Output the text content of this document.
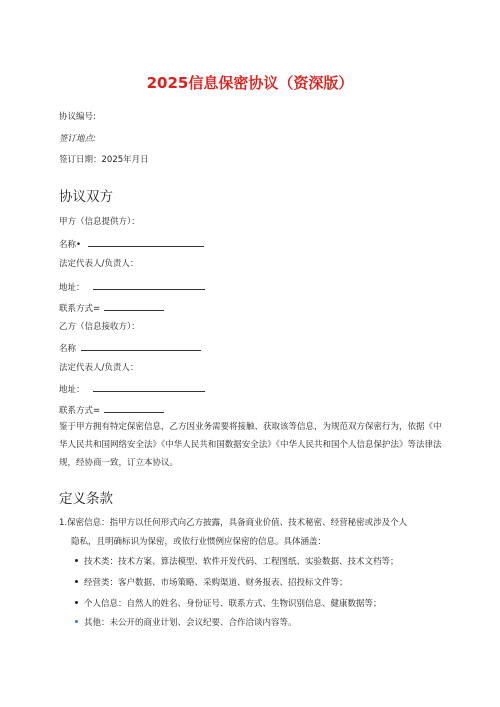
2025信息保密协议（资深版）
协议编号:
签订地点:
签订日期：2025年月日
协议双方
甲方（信息提供方）：
名称•
法定代表人/负责人：
地址：
联系方式=
乙方（信息接收方）：
名称
法定代表人/负责人：
地址：
联系方式=
鉴于甲方拥有特定保密信息，乙方因业务需要将接触、获取该等信息，为规范双方保密行为，依据《中华人民共和国网络安全法》《中华人民共和国数据安全法》《中华人民共和国个人信息保护法》等法律法规，经协商一致，订立本协议。
定义条款
1.保密信息：指甲方以任何形式向乙方披露，具备商业价值、技术秘密、经营秘密或涉及个人
隐私，且明确标识为保密，或依行业惯例应保密的信息。具体涵盖：
技术类：技术方案、算法模型、软件开发代码、工程图纸、实验数据、技术文档等；
经营类：客户数据、市场策略、采购渠道、财务报表、招投标文件等；
个人信息：自然人的姓名、身份证号、联系方式、生物识别信息、健康数据等；
其他：未公开的商业计划、会议纪要、合作洽谈内容等。
